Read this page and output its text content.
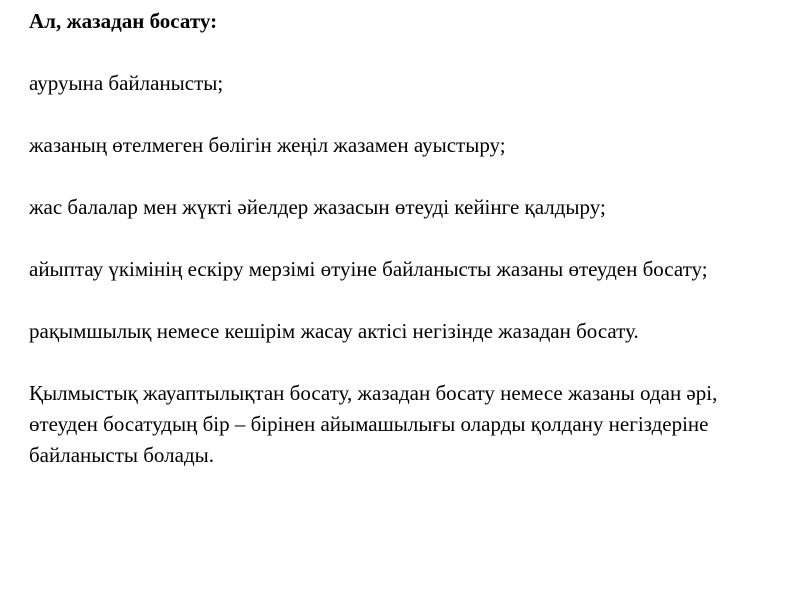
Ал, жазадан босату:

ауруына байланысты;

жазаның өтелмеген бөлігін жеңіл жазамен ауыстыру;

жас балалар мен жүкті әйелдер жазасын өтеуді кейінге қалдыру;

айыптау үкімінің ескіру мерзімі өтуіне байланысты жазаны өтеуден босату;

рақымшылық немесе кешірім жасау актісі негізінде жазадан босату.

Қылмыстық жауаптылықтан босату, жазадан босату немесе жазаны одан әрі, өтеуден босатудың бір – бірінен айымашылығы оларды қолдану негіздеріне байланысты болады.
